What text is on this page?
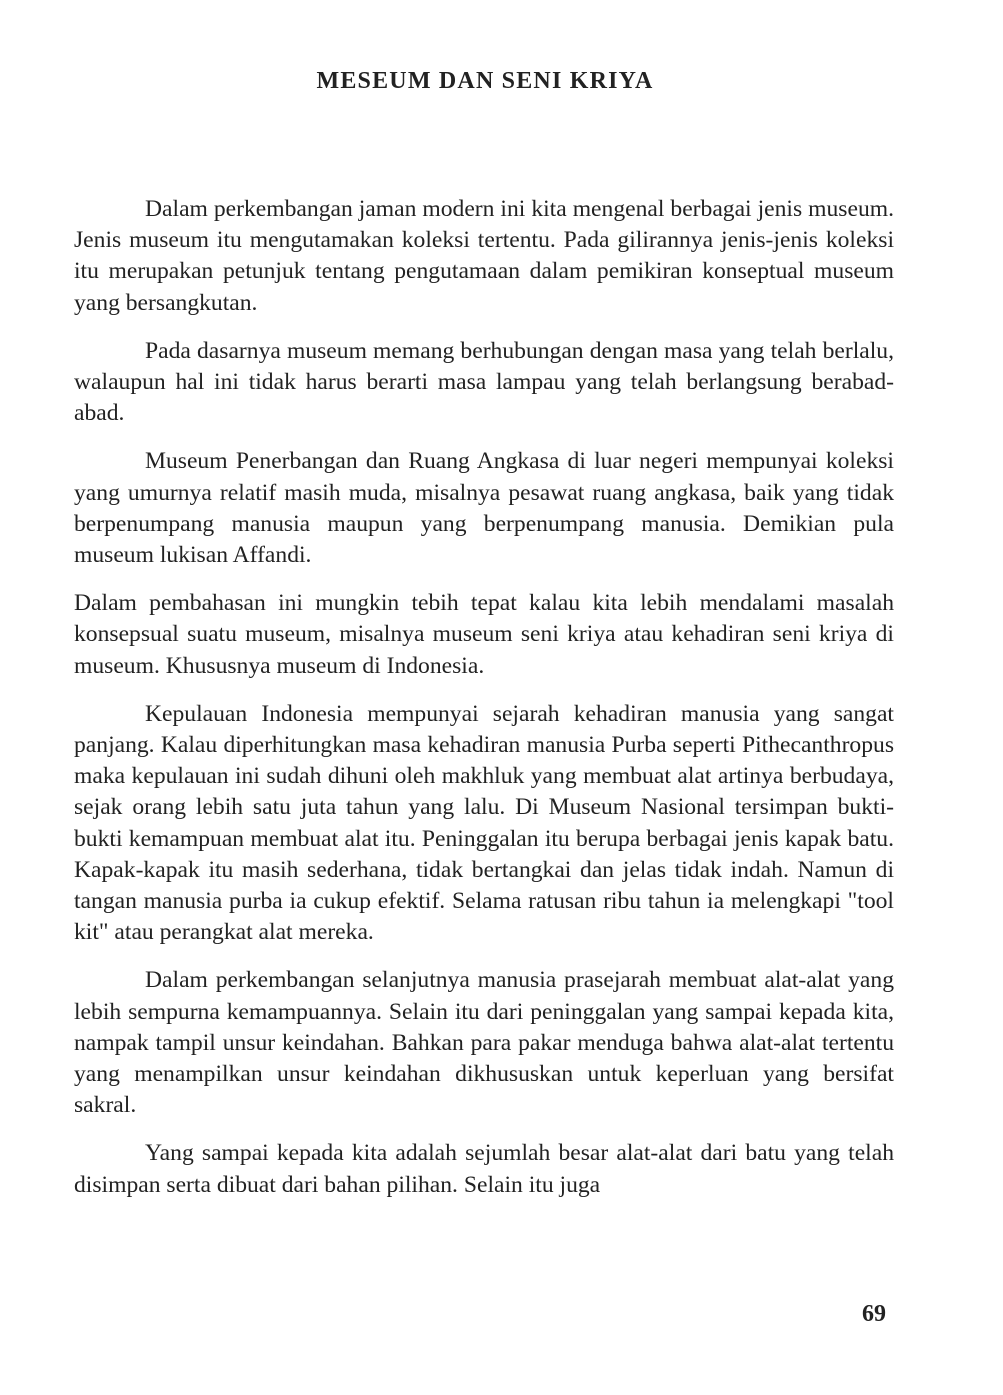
MESEUM DAN SENI KRIYA

Dalam perkembangan jaman modern ini kita mengenal berbagai jenis museum. Jenis museum itu mengutamakan koleksi tertentu. Pada gilirannya jenis-jenis koleksi itu merupakan petunjuk tentang pengutamaan dalam pemikiran konseptual museum yang bersangkutan.

Pada dasarnya museum memang berhubungan dengan masa yang telah berlalu, walaupun hal ini tidak harus berarti masa lampau yang telah berlangsung berabad-abad.

Museum Penerbangan dan Ruang Angkasa di luar negeri mempunyai koleksi yang umurnya relatif masih muda, misalnya pesawat ruang angkasa, baik yang tidak berpenumpang manusia maupun yang berpenumpang manusia. Demikian pula museum lukisan Affandi.

Dalam pembahasan ini mungkin tebih tepat kalau kita lebih mendalami masalah konsepsual suatu museum, misalnya museum seni kriya atau kehadiran seni kriya di museum. Khususnya museum di Indonesia.

Kepulauan Indonesia mempunyai sejarah kehadiran manusia yang sangat panjang. Kalau diperhitungkan masa kehadiran manusia Purba seperti Pithecanthropus maka kepulauan ini sudah dihuni oleh makhluk yang membuat alat artinya berbudaya, sejak orang lebih satu juta tahun yang lalu. Di Museum Nasional tersimpan bukti-bukti kemampuan membuat alat itu. Peninggalan itu berupa berbagai jenis kapak batu. Kapak-kapak itu masih sederhana, tidak bertangkai dan jelas tidak indah. Namun di tangan manusia purba ia cukup efektif. Selama ratusan ribu tahun ia melengkapi "tool kit" atau perangkat alat mereka.

Dalam perkembangan selanjutnya manusia prasejarah membuat alat-alat yang lebih sempurna kemampuannya. Selain itu dari peninggalan yang sampai kepada kita, nampak tampil unsur keindahan. Bahkan para pakar menduga bahwa alat-alat tertentu yang menampilkan unsur keindahan dikhususkan untuk keperluan yang bersifat sakral.

Yang sampai kepada kita adalah sejumlah besar alat-alat dari batu yang telah disimpan serta dibuat dari bahan pilihan. Selain itu juga

69
